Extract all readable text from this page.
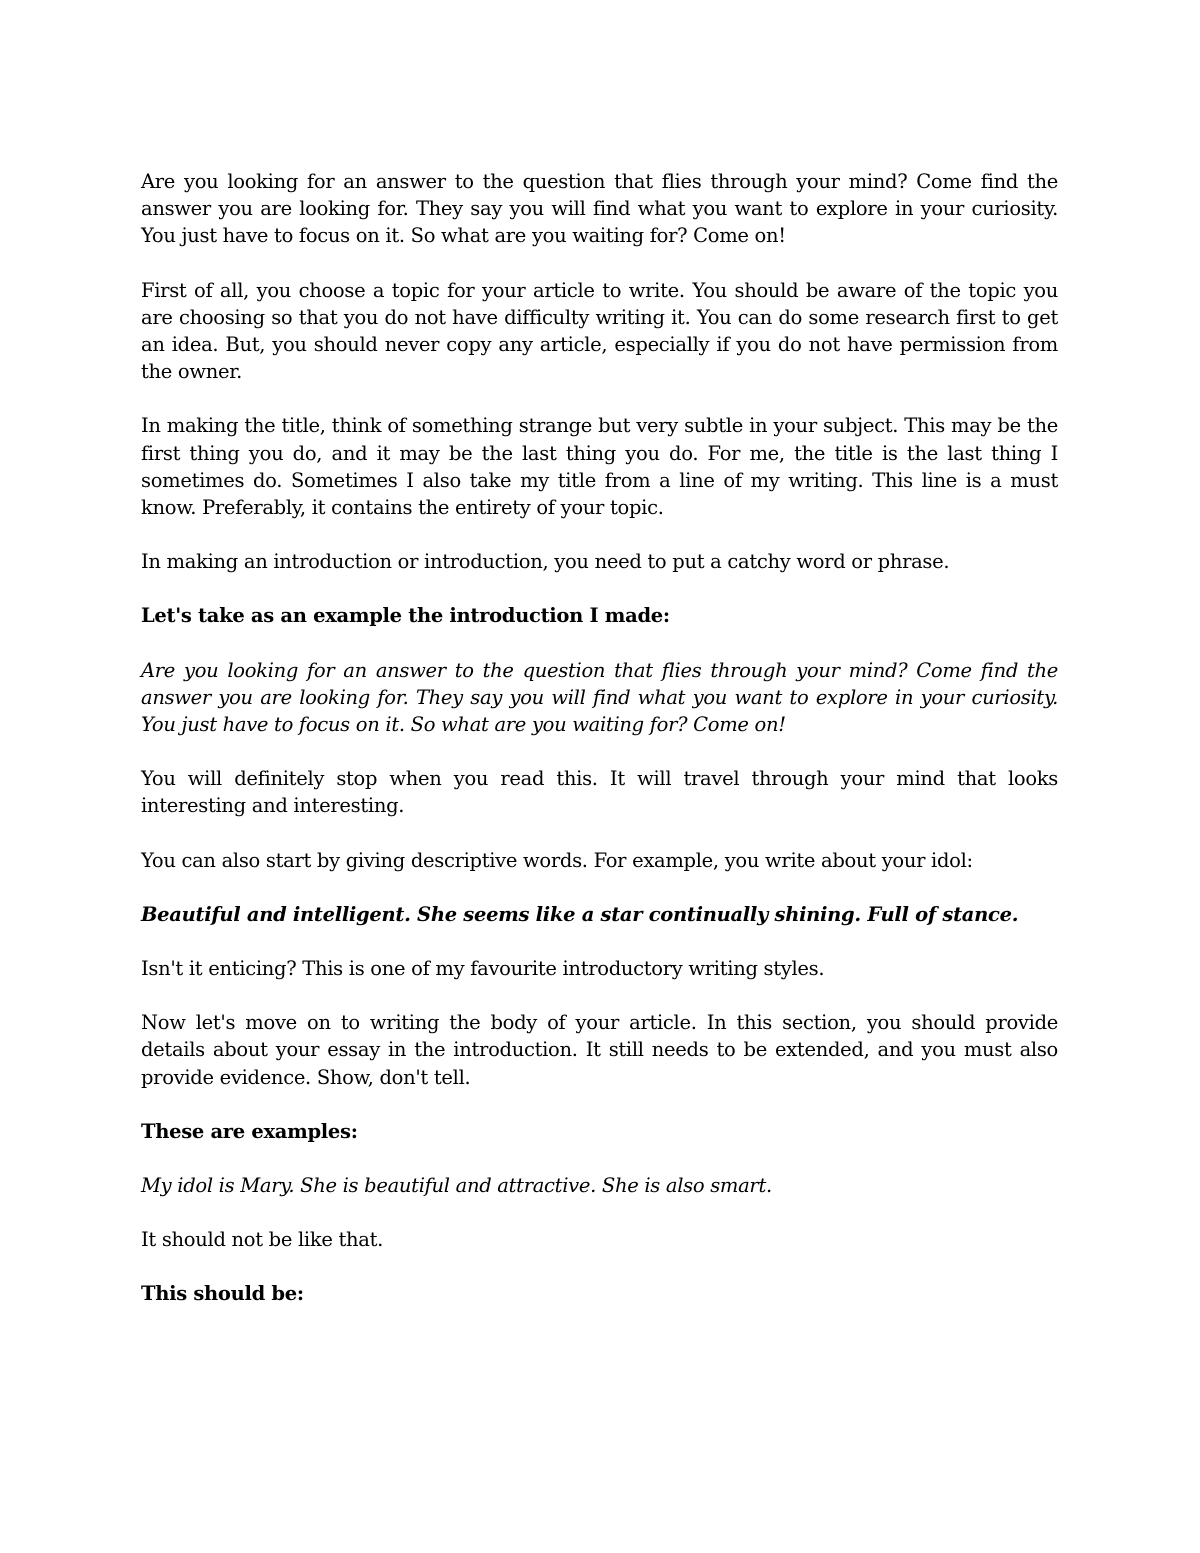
Are you looking for an answer to the question that flies through your mind? Come find the answer you are looking for. They say you will find what you want to explore in your curiosity. You just have to focus on it. So what are you waiting for? Come on!

First of all, you choose a topic for your article to write. You should be aware of the topic you are choosing so that you do not have difficulty writing it. You can do some research first to get an idea. But, you should never copy any article, especially if you do not have permission from the owner.

In making the title, think of something strange but very subtle in your subject. This may be the first thing you do, and it may be the last thing you do. For me, the title is the last thing I sometimes do. Sometimes I also take my title from a line of my writing. This line is a must know. Preferably, it contains the entirety of your topic.

In making an introduction or introduction, you need to put a catchy word or phrase.

Let's take as an example the introduction I made:

Are you looking for an answer to the question that flies through your mind? Come find the answer you are looking for. They say you will find what you want to explore in your curiosity. You just have to focus on it. So what are you waiting for? Come on!

You will definitely stop when you read this. It will travel through your mind that looks interesting and interesting.

You can also start by giving descriptive words. For example, you write about your idol:

Beautiful and intelligent. She seems like a star continually shining. Full of stance.

Isn't it enticing? This is one of my favourite introductory writing styles.

Now let's move on to writing the body of your article. In this section, you should provide details about your essay in the introduction. It still needs to be extended, and you must also provide evidence. Show, don't tell.

These are examples:

My idol is Mary. She is beautiful and attractive. She is also smart.

It should not be like that.

This should be:
